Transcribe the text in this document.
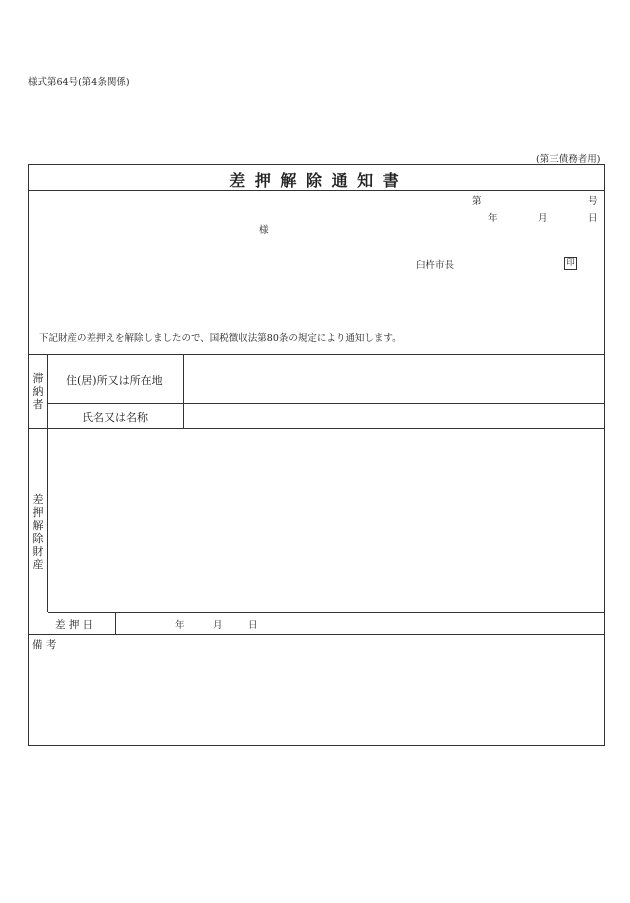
様式第64号(第4条関係)
(第三債務者用)
差 押 解 除 通 知 書
第	号
年	月	日
様
臼杵市長	印
下記財産の差押えを解除しましたので、国税徴収法第80条の規定により通知します。
滞
納
者
住(居)所又は所在地
氏名又は名称
差
押
解
除
財
産
差 押 日	年	月	日
備 考
